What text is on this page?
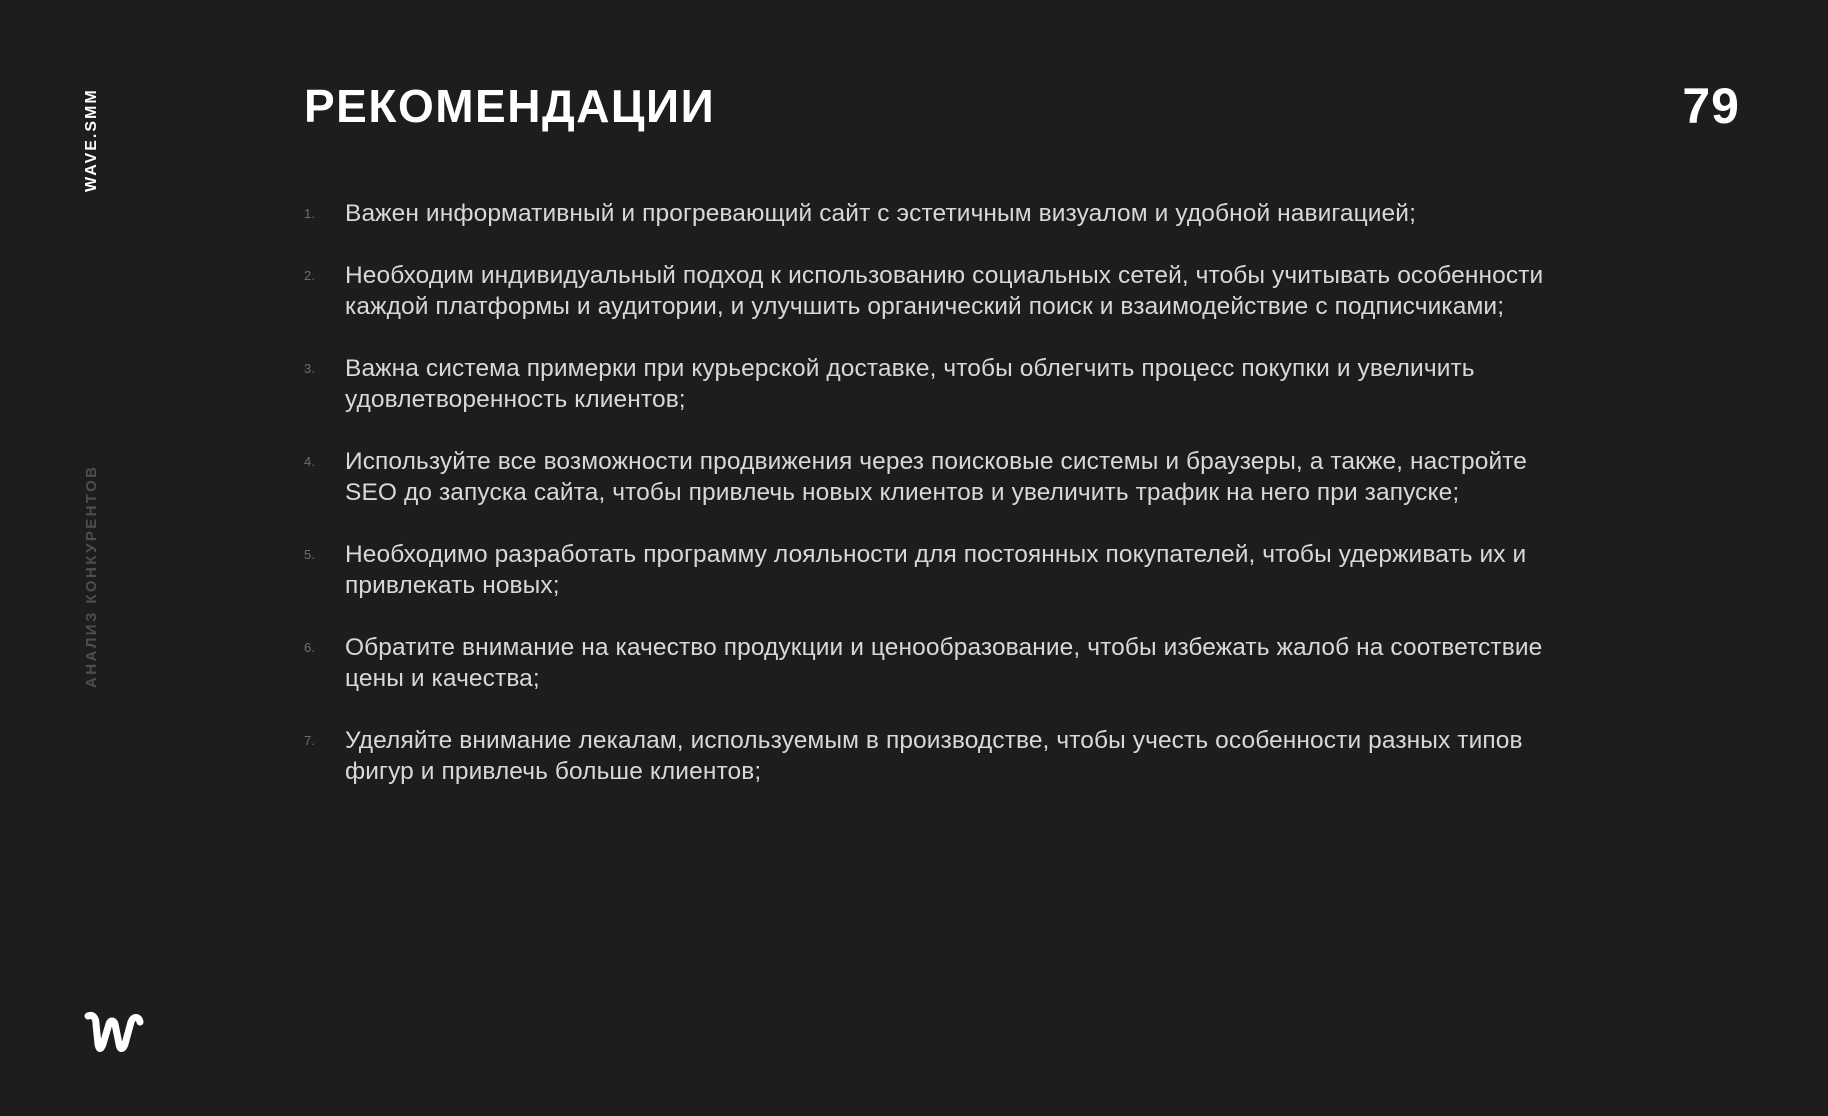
WAVE.SMM
АНАЛИЗ КОНКУРЕНТОВ
РЕКОМЕНДАЦИИ	79
1.	Важен информативный и прогревающий сайт с эстетичным визуалом и удобной навигацией;
2.	Необходим индивидуальный подход к использованию социальных сетей, чтобы учитывать особенности каждой платформы и аудитории, и улучшить органический поиск и взаимодействие с подписчиками;
3.	Важна система примерки при курьерской доставке, чтобы облегчить процесс покупки и увеличить удовлетворенность клиентов;
4.	Используйте все возможности продвижения через поисковые системы и браузеры, а также, настройте SEO до запуска сайта, чтобы привлечь новых клиентов и увеличить трафик на него при запуске;
5.	Необходимо разработать программу лояльности для постоянных покупателей, чтобы удерживать их и привлекать новых;
6.	Обратите внимание на качество продукции и ценообразование, чтобы избежать жалоб на соответствие цены и качества;
7.	Уделяйте внимание лекалам, используемым в производстве, чтобы учесть особенности разных типов фигур и привлечь больше клиентов;
